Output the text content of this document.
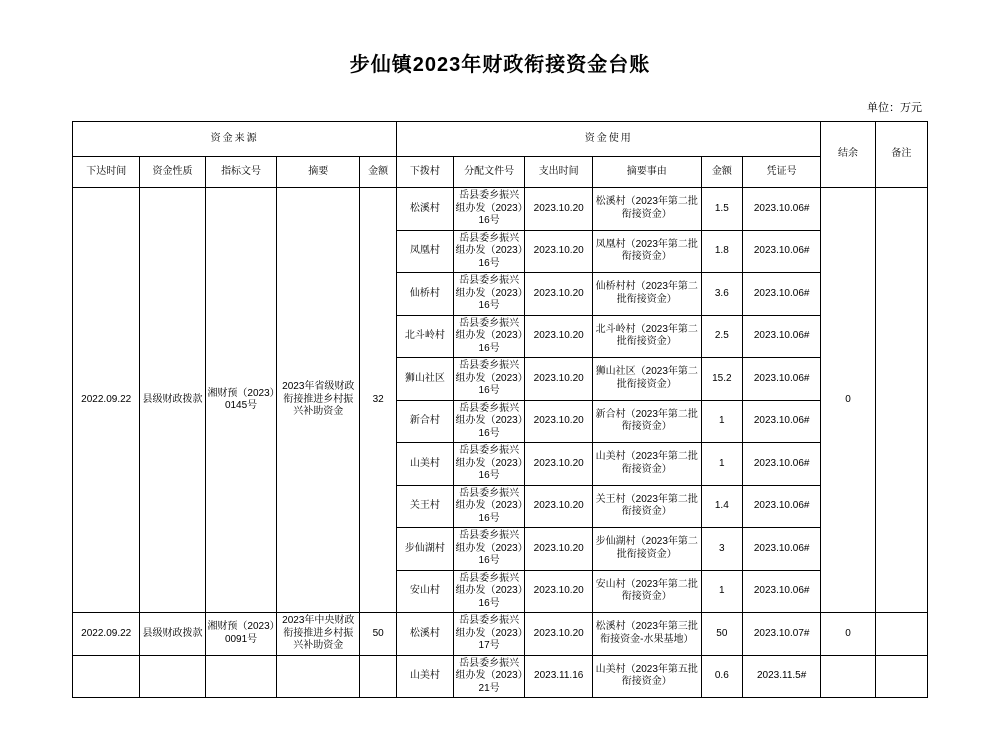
步仙镇2023年财政衔接资金台账
单位：万元
资金来源					资金使用						结余	备注
下达时间	资金性质	指标文号	摘要	金额	下拨村	分配文件号	支出时间	摘要事由	金额	凭证号		
2022.09.22	县级财政拨款	湘财预（2023）0145号	2023年省级财政衔接推进乡村振兴补助资金	32	松溪村	岳县委乡振兴组办发（2023）16号	2023.10.20	松溪村（2023年第二批衔接资金）	1.5	2023.10.06#	0	
					凤凰村	岳县委乡振兴组办发（2023）16号	2023.10.20	凤凰村（2023年第二批衔接资金）	1.8	2023.10.06#		
					仙桥村	岳县委乡振兴组办发（2023）16号	2023.10.20	仙桥村村（2023年第二批衔接资金）	3.6	2023.10.06#		
					北斗岭村	岳县委乡振兴组办发（2023）16号	2023.10.20	北斗岭村（2023年第二批衔接资金）	2.5	2023.10.06#		
					狮山社区	岳县委乡振兴组办发（2023）16号	2023.10.20	狮山社区（2023年第二批衔接资金）	15.2	2023.10.06#		
					新合村	岳县委乡振兴组办发（2023）16号	2023.10.20	新合村（2023年第二批衔接资金）	1	2023.10.06#		
					山美村	岳县委乡振兴组办发（2023）16号	2023.10.20	山美村（2023年第二批衔接资金）	1	2023.10.06#		
					关王村	岳县委乡振兴组办发（2023）16号	2023.10.20	关王村（2023年第二批衔接资金）	1.4	2023.10.06#		
					步仙湖村	岳县委乡振兴组办发（2023）16号	2023.10.20	步仙湖村（2023年第二批衔接资金）	3	2023.10.06#		
					安山村	岳县委乡振兴组办发（2023）16号	2023.10.20	安山村（2023年第二批衔接资金）	1	2023.10.06#		
2022.09.22	县级财政拨款	湘财预（2023）0091号	2023年中央财政衔接推进乡村振兴补助资金	50	松溪村	岳县委乡振兴组办发（2023）17号	2023.10.20	松溪村（2023年第三批衔接资金-水果基地）	50	2023.10.07#	0	
					山美村	岳县委乡振兴组办发（2023）21号	2023.11.16	山美村（2023年第五批衔接资金）	0.6	2023.11.5#		
